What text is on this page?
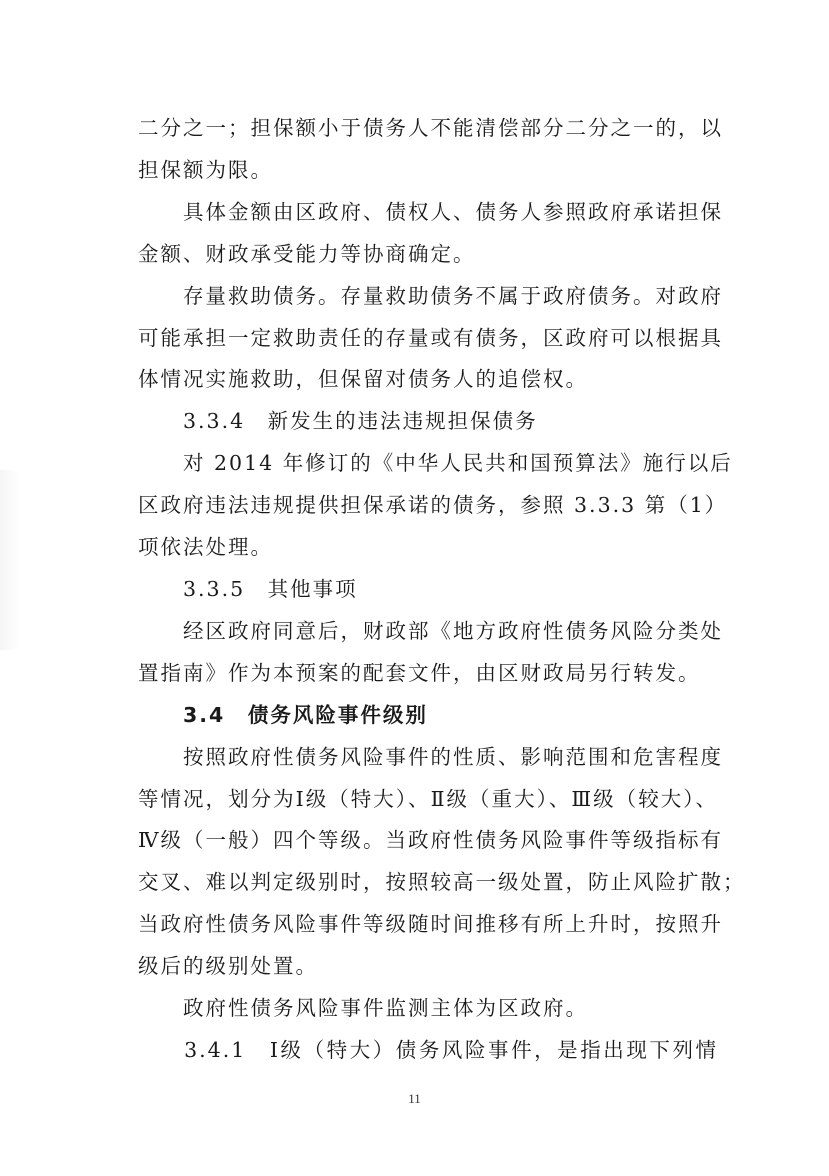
二分之一；担保额小于债务人不能清偿部分二分之一的，以
担保额为限。
　　具体金额由区政府、债权人、债务人参照政府承诺担保
金额、财政承受能力等协商确定。
　　存量救助债务。存量救助债务不属于政府债务。对政府
可能承担一定救助责任的存量或有债务，区政府可以根据具
体情况实施救助，但保留对债务人的追偿权。
　　3.3.4　新发生的违法违规担保债务
　　对 2014 年修订的《中华人民共和国预算法》施行以后
区政府违法违规提供担保承诺的债务，参照 3.3.3 第（1）
项依法处理。
　　3.3.5　其他事项
　　经区政府同意后，财政部《地方政府性债务风险分类处
置指南》作为本预案的配套文件，由区财政局另行转发。
　　3.4　债务风险事件级别
　　按照政府性债务风险事件的性质、影响范围和危害程度
等情况，划分为Ⅰ级（特大）、Ⅱ级（重大）、Ⅲ级（较大）、
Ⅳ级（一般）四个等级。当政府性债务风险事件等级指标有
交叉、难以判定级别时，按照较高一级处置，防止风险扩散；
当政府性债务风险事件等级随时间推移有所上升时，按照升
级后的级别处置。
　　政府性债务风险事件监测主体为区政府。
　　3.4.1　Ⅰ级（特大）债务风险事件，是指出现下列情
11
